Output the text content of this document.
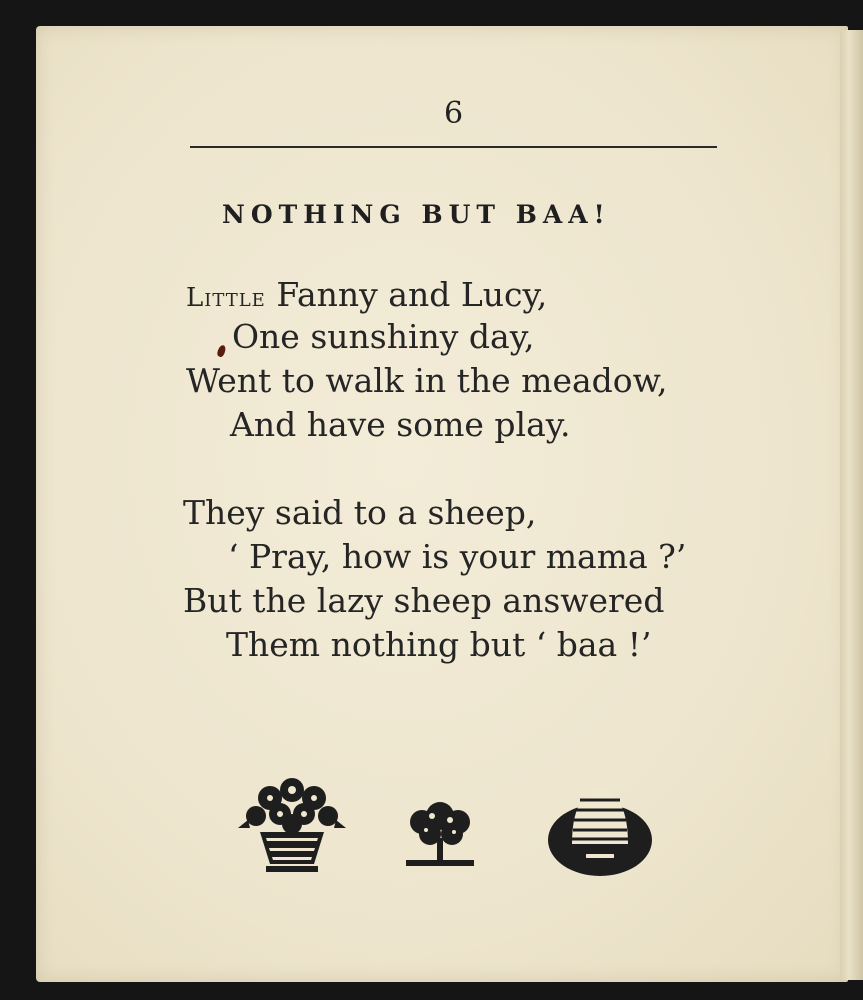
6
NOTHING BUT BAA!
Little Fanny and Lucy,
One sunshiny day,
Went to walk in the meadow,
And have some play.
They said to a sheep,
‘ Pray, how is your mama ?’
But the lazy sheep answered
Them nothing but ‘ baa !’
